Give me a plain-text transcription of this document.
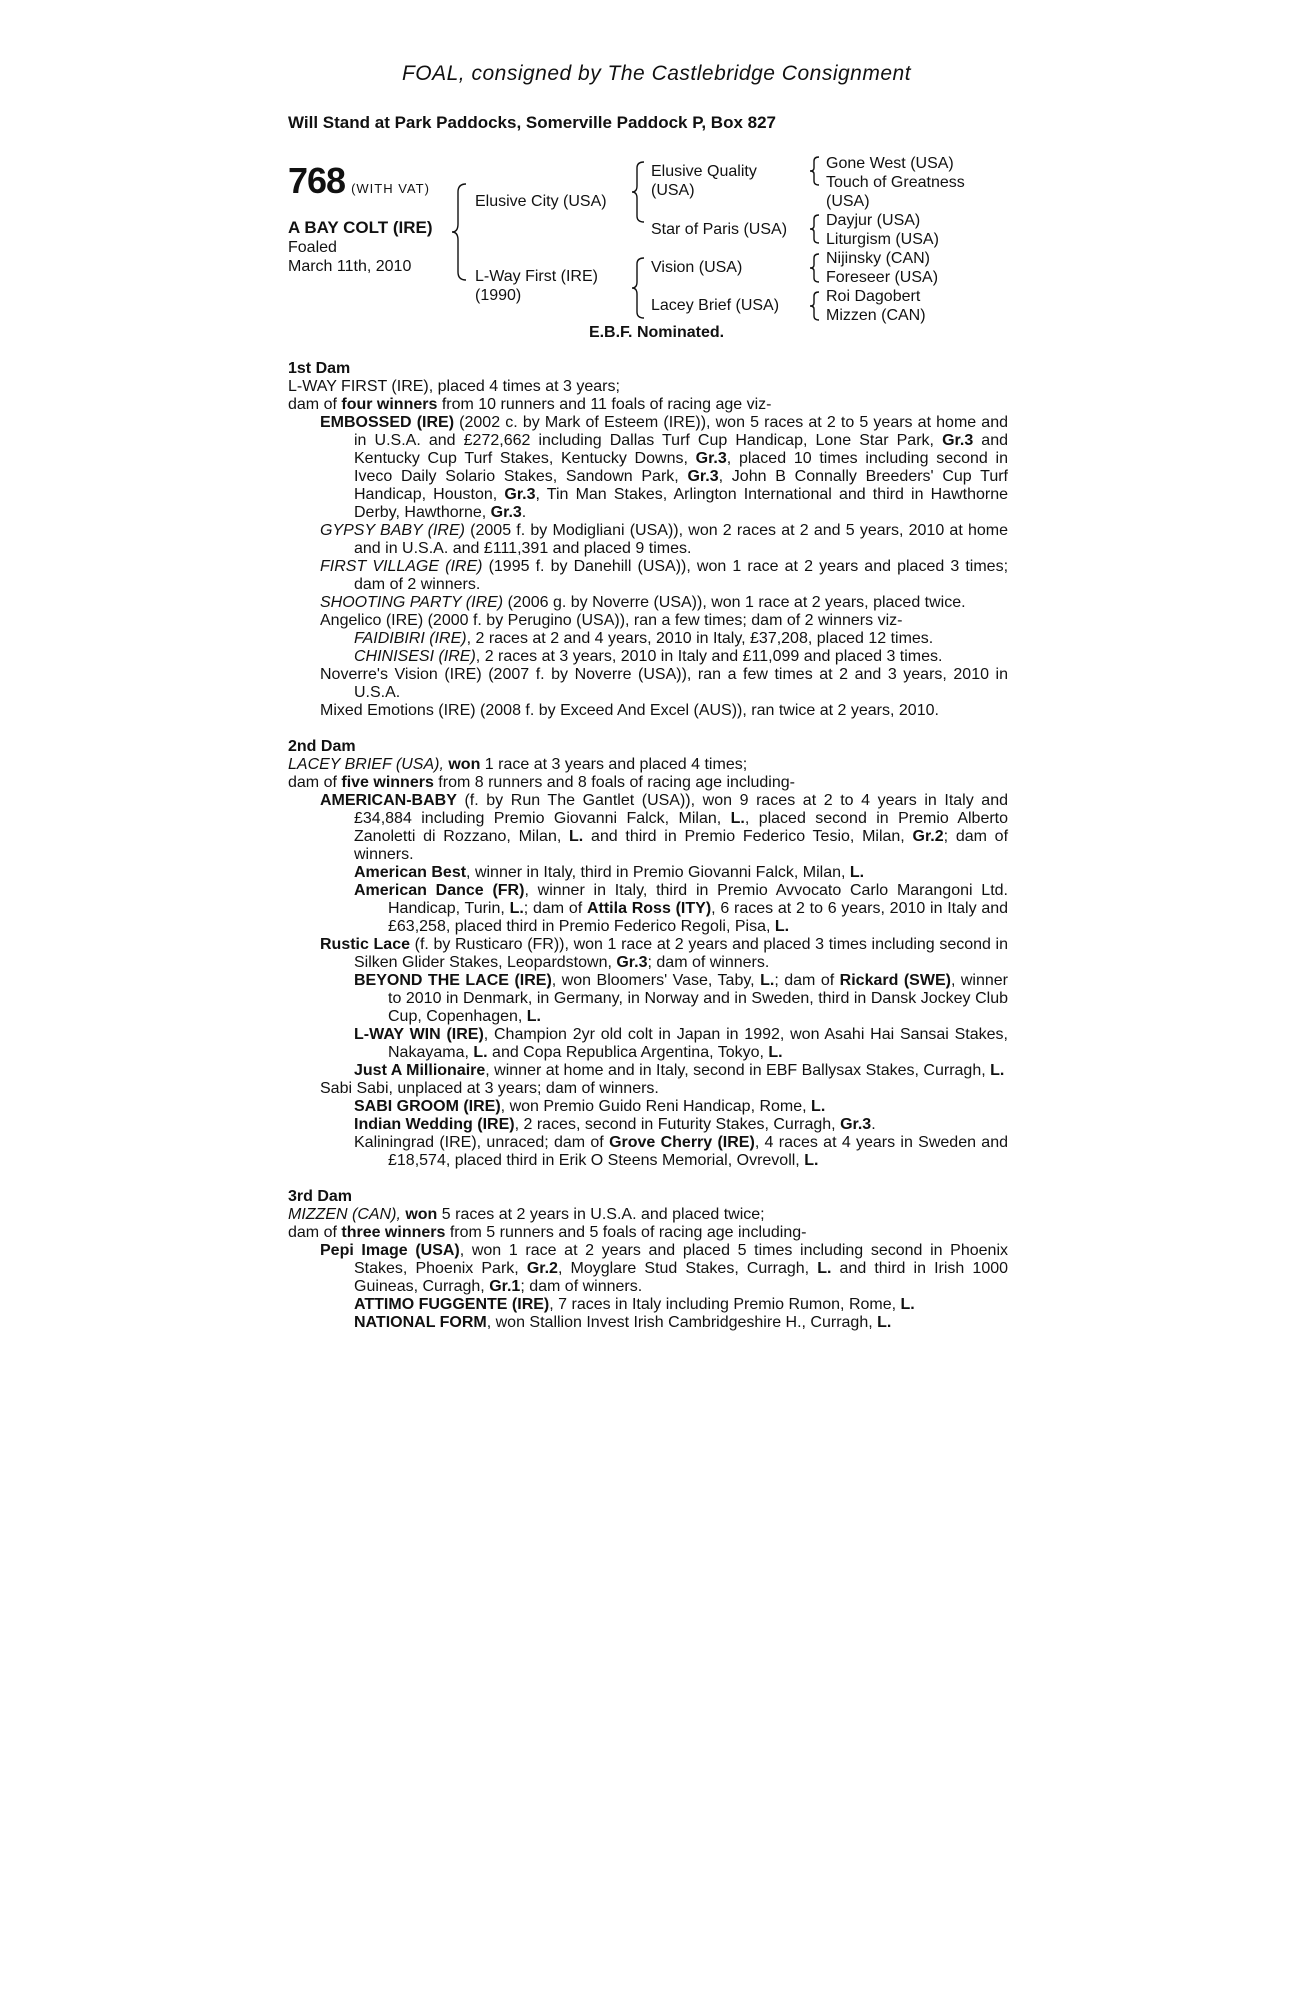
FOAL, consigned by The Castlebridge Consignment
Will Stand at Park Paddocks, Somerville Paddock P, Box 827
768 (WITH VAT)
A BAY COLT (IRE)
Foaled
March 11th, 2010
Elusive City (USA)
L-Way First (IRE)
(1990)
Elusive Quality
(USA)
Star of Paris (USA)
Vision (USA)
Lacey Brief (USA)
Gone West (USA)
Touch of Greatness
(USA)
Dayjur (USA)
Liturgism (USA)
Nijinsky (CAN)
Foreseer (USA)
Roi Dagobert
Mizzen (CAN)
E.B.F. Nominated.

1st Dam

L-WAY FIRST (IRE), placed 4 times at 3 years;

dam of four winners from 10 runners and 11 foals of racing age viz-

EMBOSSED (IRE) (2002 c. by Mark of Esteem (IRE)), won 5 races at 2 to 5 years at home and in U.S.A. and £272,662 including Dallas Turf Cup Handicap, Lone Star Park, Gr.3 and Kentucky Cup Turf Stakes, Kentucky Downs, Gr.3, placed 10 times including second in Iveco Daily Solario Stakes, Sandown Park, Gr.3, John B Connally Breeders' Cup Turf Handicap, Houston, Gr.3, Tin Man Stakes, Arlington International and third in Hawthorne Derby, Hawthorne, Gr.3.

GYPSY BABY (IRE) (2005 f. by Modigliani (USA)), won 2 races at 2 and 5 years, 2010 at home and in U.S.A. and £111,391 and placed 9 times.

FIRST VILLAGE (IRE) (1995 f. by Danehill (USA)), won 1 race at 2 years and placed 3 times; dam of 2 winners.

SHOOTING PARTY (IRE) (2006 g. by Noverre (USA)), won 1 race at 2 years, placed twice.

Angelico (IRE) (2000 f. by Perugino (USA)), ran a few times; dam of 2 winners viz-

FAIDIBIRI (IRE), 2 races at 2 and 4 years, 2010 in Italy, £37,208, placed 12 times.

CHINISESI (IRE), 2 races at 3 years, 2010 in Italy and £11,099 and placed 3 times.

Noverre's Vision (IRE) (2007 f. by Noverre (USA)), ran a few times at 2 and 3 years, 2010 in U.S.A.

Mixed Emotions (IRE) (2008 f. by Exceed And Excel (AUS)), ran twice at 2 years, 2010.

2nd Dam

LACEY BRIEF (USA), won 1 race at 3 years and placed 4 times;

dam of five winners from 8 runners and 8 foals of racing age including-

AMERICAN-BABY (f. by Run The Gantlet (USA)), won 9 races at 2 to 4 years in Italy and £34,884 including Premio Giovanni Falck, Milan, L., placed second in Premio Alberto Zanoletti di Rozzano, Milan, L. and third in Premio Federico Tesio, Milan, Gr.2; dam of winners.

American Best, winner in Italy, third in Premio Giovanni Falck, Milan, L.

American Dance (FR), winner in Italy, third in Premio Avvocato Carlo Marangoni Ltd. Handicap, Turin, L.; dam of Attila Ross (ITY), 6 races at 2 to 6 years, 2010 in Italy and £63,258, placed third in Premio Federico Regoli, Pisa, L.

Rustic Lace (f. by Rusticaro (FR)), won 1 race at 2 years and placed 3 times including second in Silken Glider Stakes, Leopardstown, Gr.3; dam of winners.

BEYOND THE LACE (IRE), won Bloomers' Vase, Taby, L.; dam of Rickard (SWE), winner to 2010 in Denmark, in Germany, in Norway and in Sweden, third in Dansk Jockey Club Cup, Copenhagen, L.

L-WAY WIN (IRE), Champion 2yr old colt in Japan in 1992, won Asahi Hai Sansai Stakes, Nakayama, L. and Copa Republica Argentina, Tokyo, L.

Just A Millionaire, winner at home and in Italy, second in EBF Ballysax Stakes, Curragh, L.

Sabi Sabi, unplaced at 3 years; dam of winners.

SABI GROOM (IRE), won Premio Guido Reni Handicap, Rome, L.

Indian Wedding (IRE), 2 races, second in Futurity Stakes, Curragh, Gr.3.

Kaliningrad (IRE), unraced; dam of Grove Cherry (IRE), 4 races at 4 years in Sweden and £18,574, placed third in Erik O Steens Memorial, Ovrevoll, L.

3rd Dam

MIZZEN (CAN), won 5 races at 2 years in U.S.A. and placed twice;

dam of three winners from 5 runners and 5 foals of racing age including-

Pepi Image (USA), won 1 race at 2 years and placed 5 times including second in Phoenix Stakes, Phoenix Park, Gr.2, Moyglare Stud Stakes, Curragh, L. and third in Irish 1000 Guineas, Curragh, Gr.1; dam of winners.

ATTIMO FUGGENTE (IRE), 7 races in Italy including Premio Rumon, Rome, L.

NATIONAL FORM, won Stallion Invest Irish Cambridgeshire H., Curragh, L.
